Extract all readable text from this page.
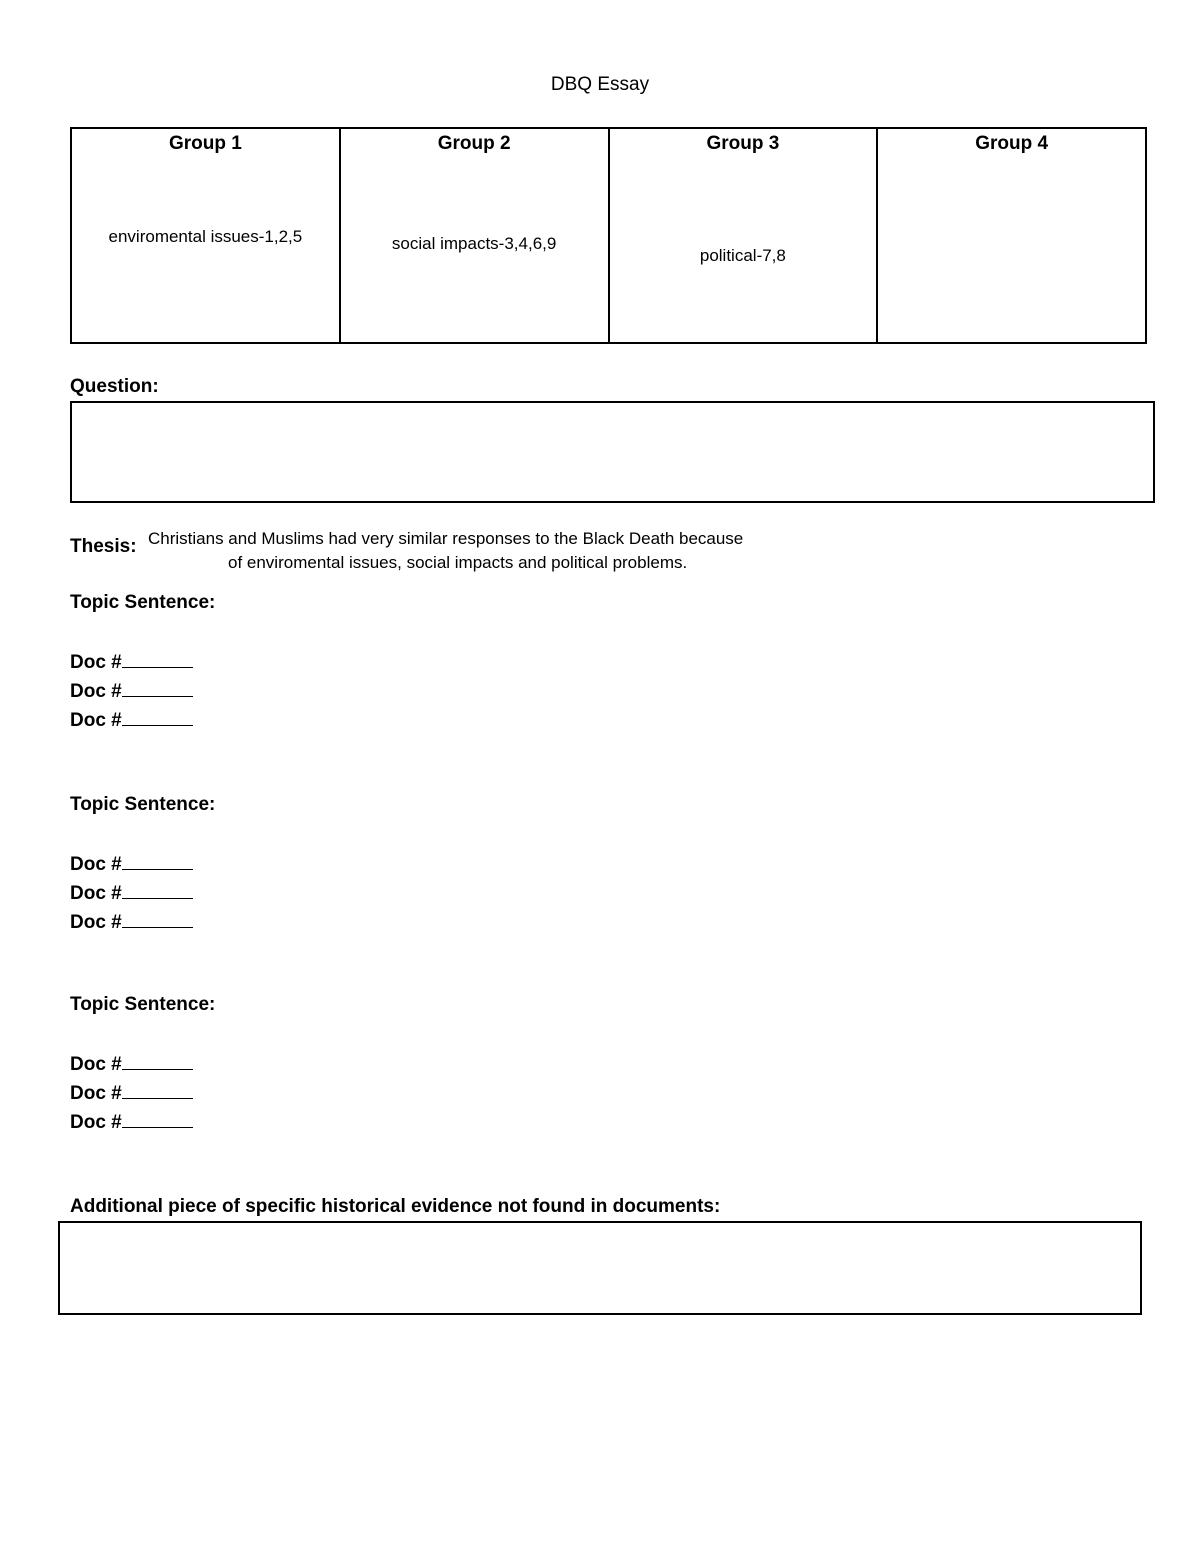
DBQ Essay
Group 1
enviromental issues-1,2,5
Group 2
social impacts-3,4,6,9
Group 3
political-7,8
Group 4
Question:
Thesis: Christians and Muslims had very similar responses to the Black Death because
of enviromental issues, social impacts and political problems.
Topic Sentence:
Doc #
Doc #
Doc #
Topic Sentence:
Doc #
Doc #
Doc #
Topic Sentence:
Doc #
Doc #
Doc #
Additional piece of specific historical evidence not found in documents:
